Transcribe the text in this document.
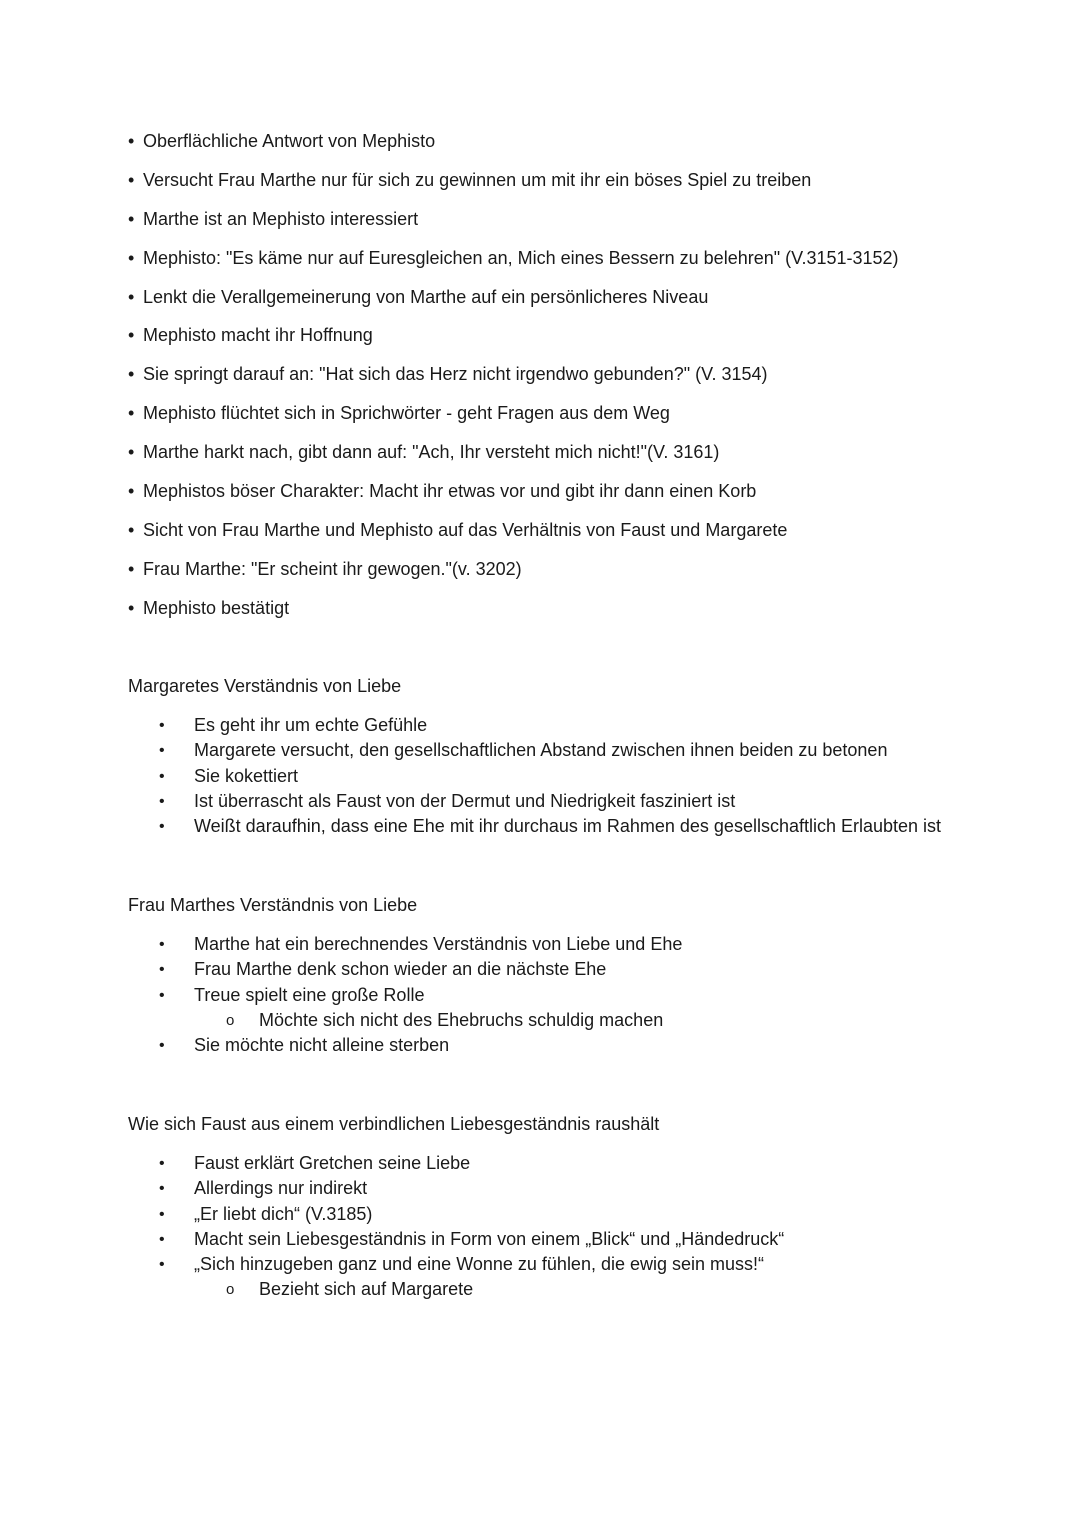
• Oberflächliche Antwort von Mephisto
• Versucht Frau Marthe nur für sich zu gewinnen um mit ihr ein böses Spiel zu treiben
• Marthe ist an Mephisto interessiert
• Mephisto: "Es käme nur auf Euresgleichen an, Mich eines Bessern zu belehren" (V.3151-3152)
• Lenkt die Verallgemeinerung von Marthe auf ein persönlicheres Niveau
• Mephisto macht ihr Hoffnung
• Sie springt darauf an: "Hat sich das Herz nicht irgendwo gebunden?" (V. 3154)
• Mephisto flüchtet sich in Sprichwörter - geht Fragen aus dem Weg
• Marthe harkt nach, gibt dann auf: "Ach, Ihr versteht mich nicht!"(V. 3161)
• Mephistos böser Charakter: Macht ihr etwas vor und gibt ihr dann einen Korb
• Sicht von Frau Marthe und Mephisto auf das Verhältnis von Faust und Margarete
• Frau Marthe: "Er scheint ihr gewogen."(v. 3202)
• Mephisto bestätigt
Margaretes Verständnis von Liebe
• Es geht ihr um echte Gefühle
• Margarete versucht, den gesellschaftlichen Abstand zwischen ihnen beiden zu betonen
• Sie kokettiert
• Ist überrascht als Faust von der Dermut und Niedrigkeit fasziniert ist
• Weißt daraufhin, dass eine Ehe mit ihr durchaus im Rahmen des gesellschaftlich Erlaubten ist
Frau Marthes Verständnis von Liebe
• Marthe hat ein berechnendes Verständnis von Liebe und Ehe
• Frau Marthe denk schon wieder an die nächste Ehe
• Treue spielt eine große Rolle
o Möchte sich nicht des Ehebruchs schuldig machen
• Sie möchte nicht alleine sterben
Wie sich Faust aus einem verbindlichen Liebesgeständnis raushält
• Faust erklärt Gretchen seine Liebe
• Allerdings nur indirekt
• „Er liebt dich“ (V.3185)
• Macht sein Liebesgeständnis in Form von einem „Blick“ und „Händedruck“
• „Sich hinzugeben ganz und eine Wonne zu fühlen, die ewig sein muss!“
o Bezieht sich auf Margarete
